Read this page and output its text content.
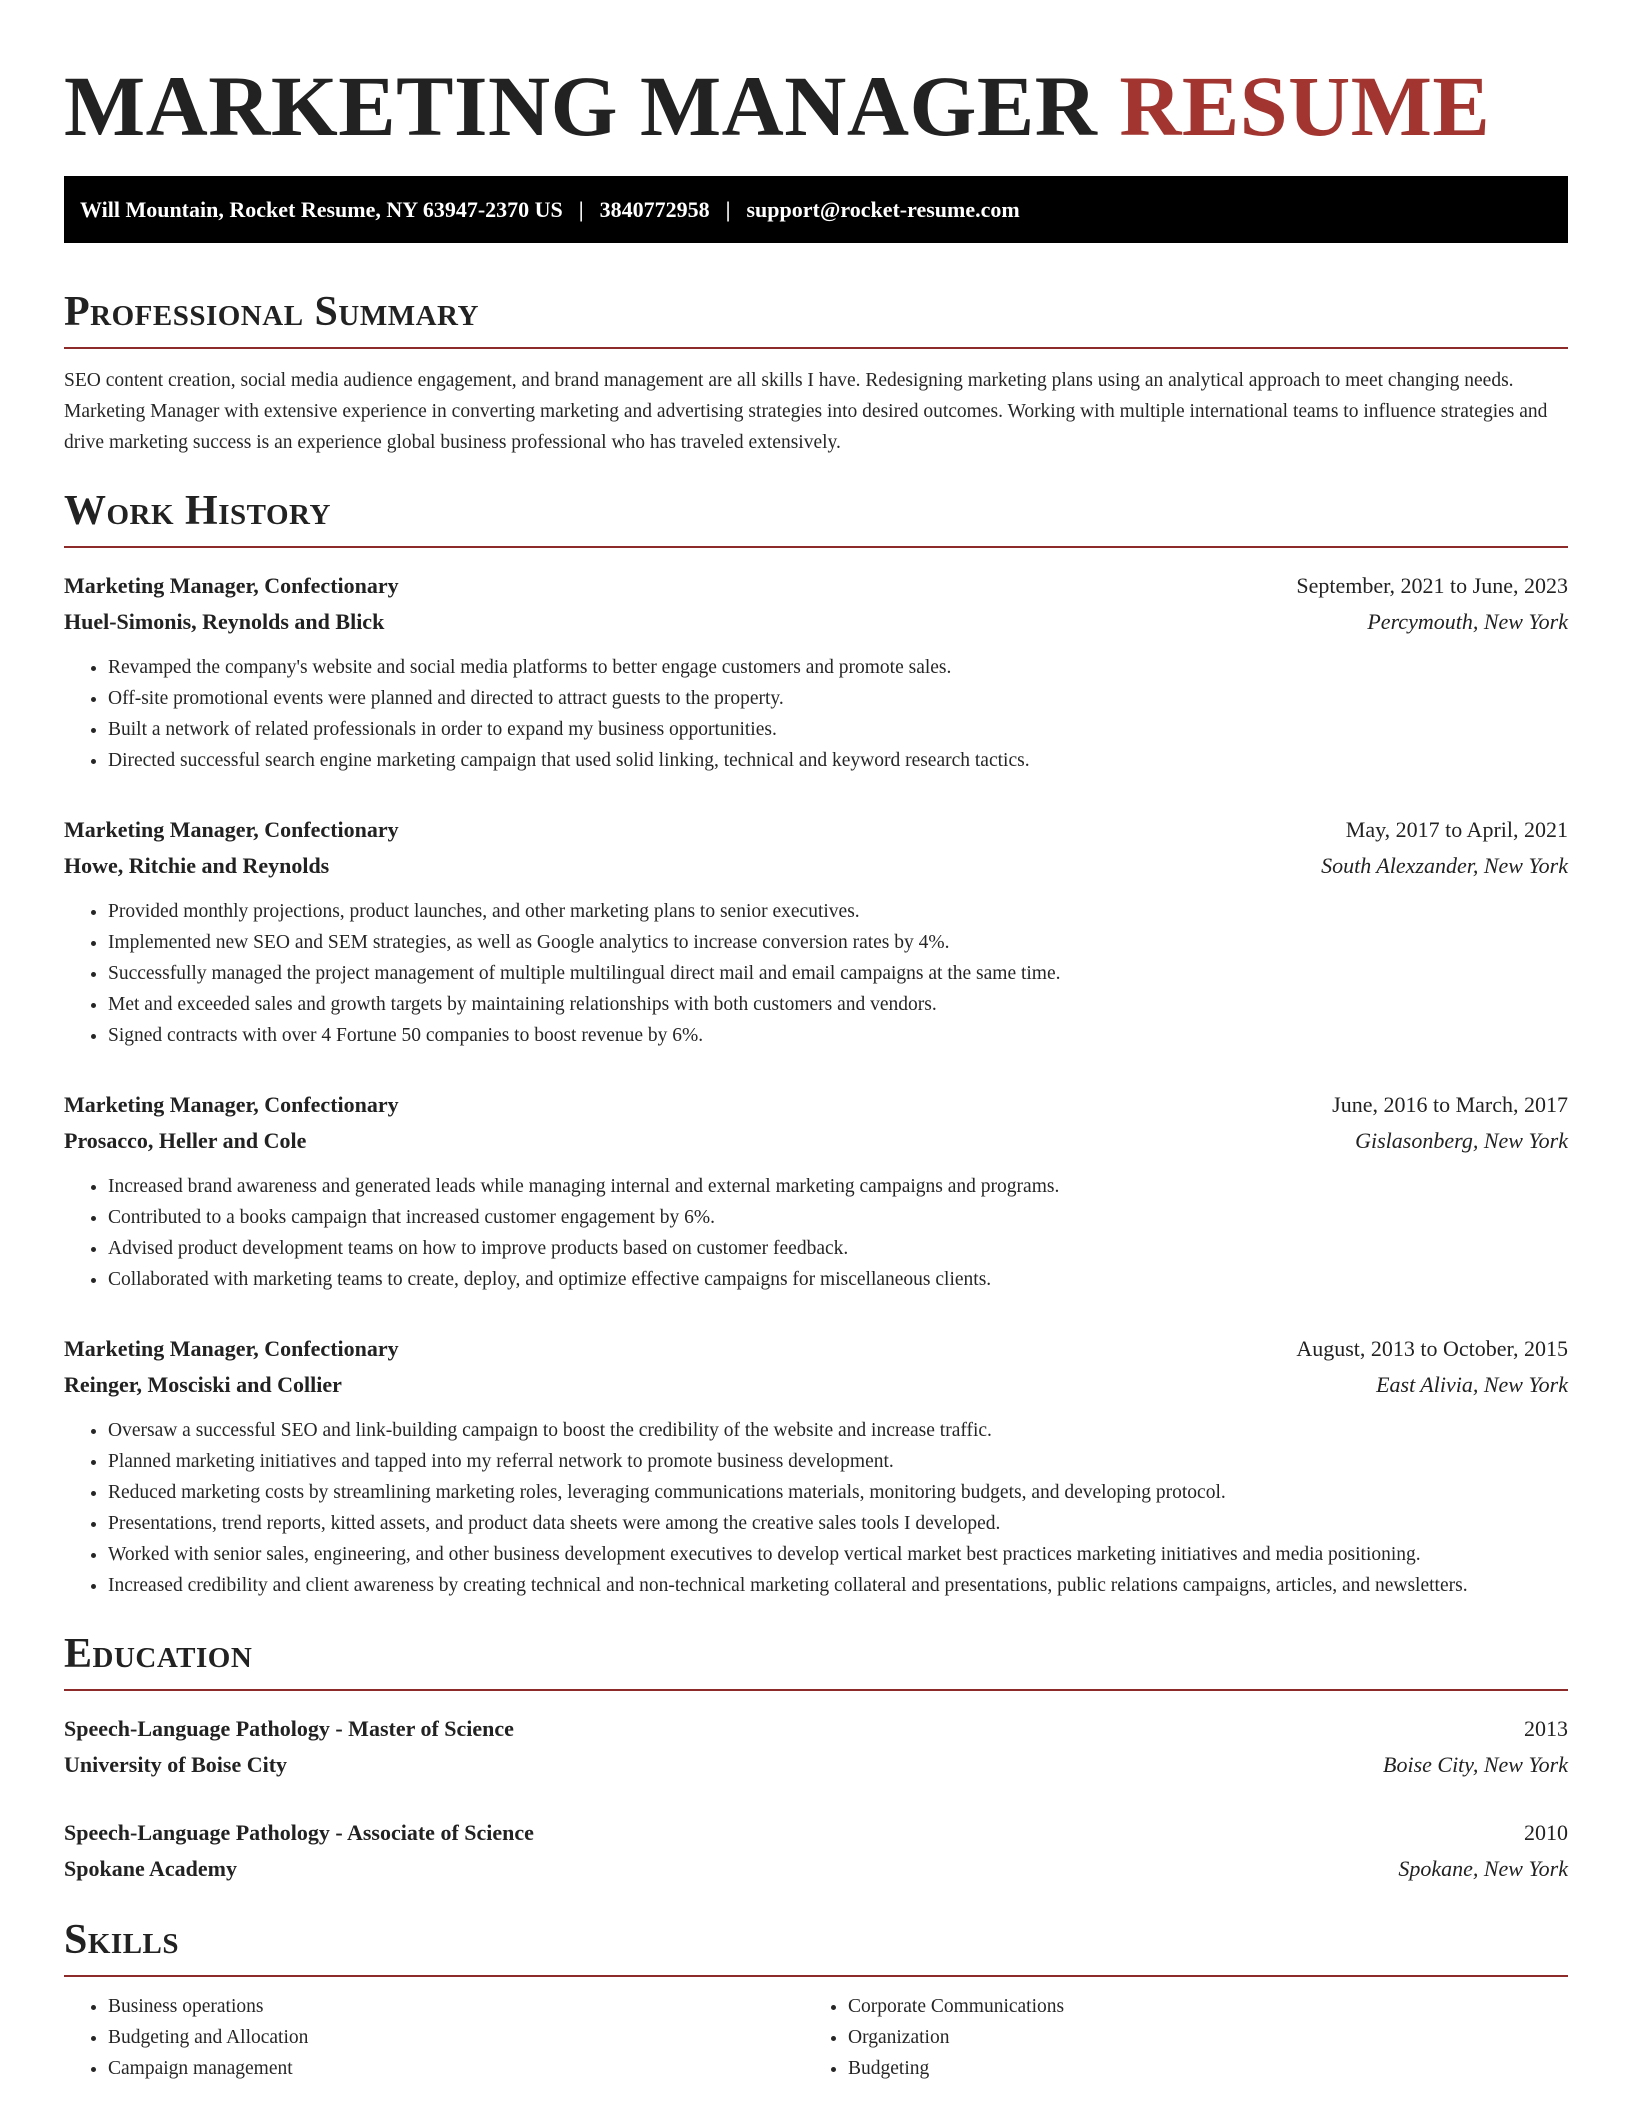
MARKETING MANAGER RESUME
Will Mountain, Rocket Resume, NY 63947-2370 US | 3840772958 | support@rocket-resume.com
Professional Summary

SEO content creation, social media audience engagement, and brand management are all skills I have. Redesigning marketing plans using an analytical approach to meet changing needs. Marketing Manager with extensive experience in converting marketing and advertising strategies into desired outcomes. Working with multiple international teams to influence strategies and drive marketing success is an experience global business professional who has traveled extensively.

Work History
Marketing Manager, Confectionary	September, 2021 to June, 2023
Huel-Simonis, Reynolds and Blick	Percymouth, New York
• Revamped the company's website and social media platforms to better engage customers and promote sales.
• Off-site promotional events were planned and directed to attract guests to the property.
• Built a network of related professionals in order to expand my business opportunities.
• Directed successful search engine marketing campaign that used solid linking, technical and keyword research tactics.
Marketing Manager, Confectionary	May, 2017 to April, 2021
Howe, Ritchie and Reynolds	South Alexzander, New York
• Provided monthly projections, product launches, and other marketing plans to senior executives.
• Implemented new SEO and SEM strategies, as well as Google analytics to increase conversion rates by 4%.
• Successfully managed the project management of multiple multilingual direct mail and email campaigns at the same time.
• Met and exceeded sales and growth targets by maintaining relationships with both customers and vendors.
• Signed contracts with over 4 Fortune 50 companies to boost revenue by 6%.
Marketing Manager, Confectionary	June, 2016 to March, 2017
Prosacco, Heller and Cole	Gislasonberg, New York
• Increased brand awareness and generated leads while managing internal and external marketing campaigns and programs.
• Contributed to a books campaign that increased customer engagement by 6%.
• Advised product development teams on how to improve products based on customer feedback.
• Collaborated with marketing teams to create, deploy, and optimize effective campaigns for miscellaneous clients.
Marketing Manager, Confectionary	August, 2013 to October, 2015
Reinger, Mosciski and Collier	East Alivia, New York
• Oversaw a successful SEO and link-building campaign to boost the credibility of the website and increase traffic.
• Planned marketing initiatives and tapped into my referral network to promote business development.
• Reduced marketing costs by streamlining marketing roles, leveraging communications materials, monitoring budgets, and developing protocol.
• Presentations, trend reports, kitted assets, and product data sheets were among the creative sales tools I developed.
• Worked with senior sales, engineering, and other business development executives to develop vertical market best practices marketing initiatives and media positioning.
• Increased credibility and client awareness by creating technical and non-technical marketing collateral and presentations, public relations campaigns, articles, and newsletters.
Education
Speech-Language Pathology - Master of Science	2013
University of Boise City	Boise City, New York
Speech-Language Pathology - Associate of Science	2010
Spokane Academy	Spokane, New York
Skills
• Business operations
• Budgeting and Allocation
• Campaign management
• Corporate Communications
• Organization
• Budgeting
